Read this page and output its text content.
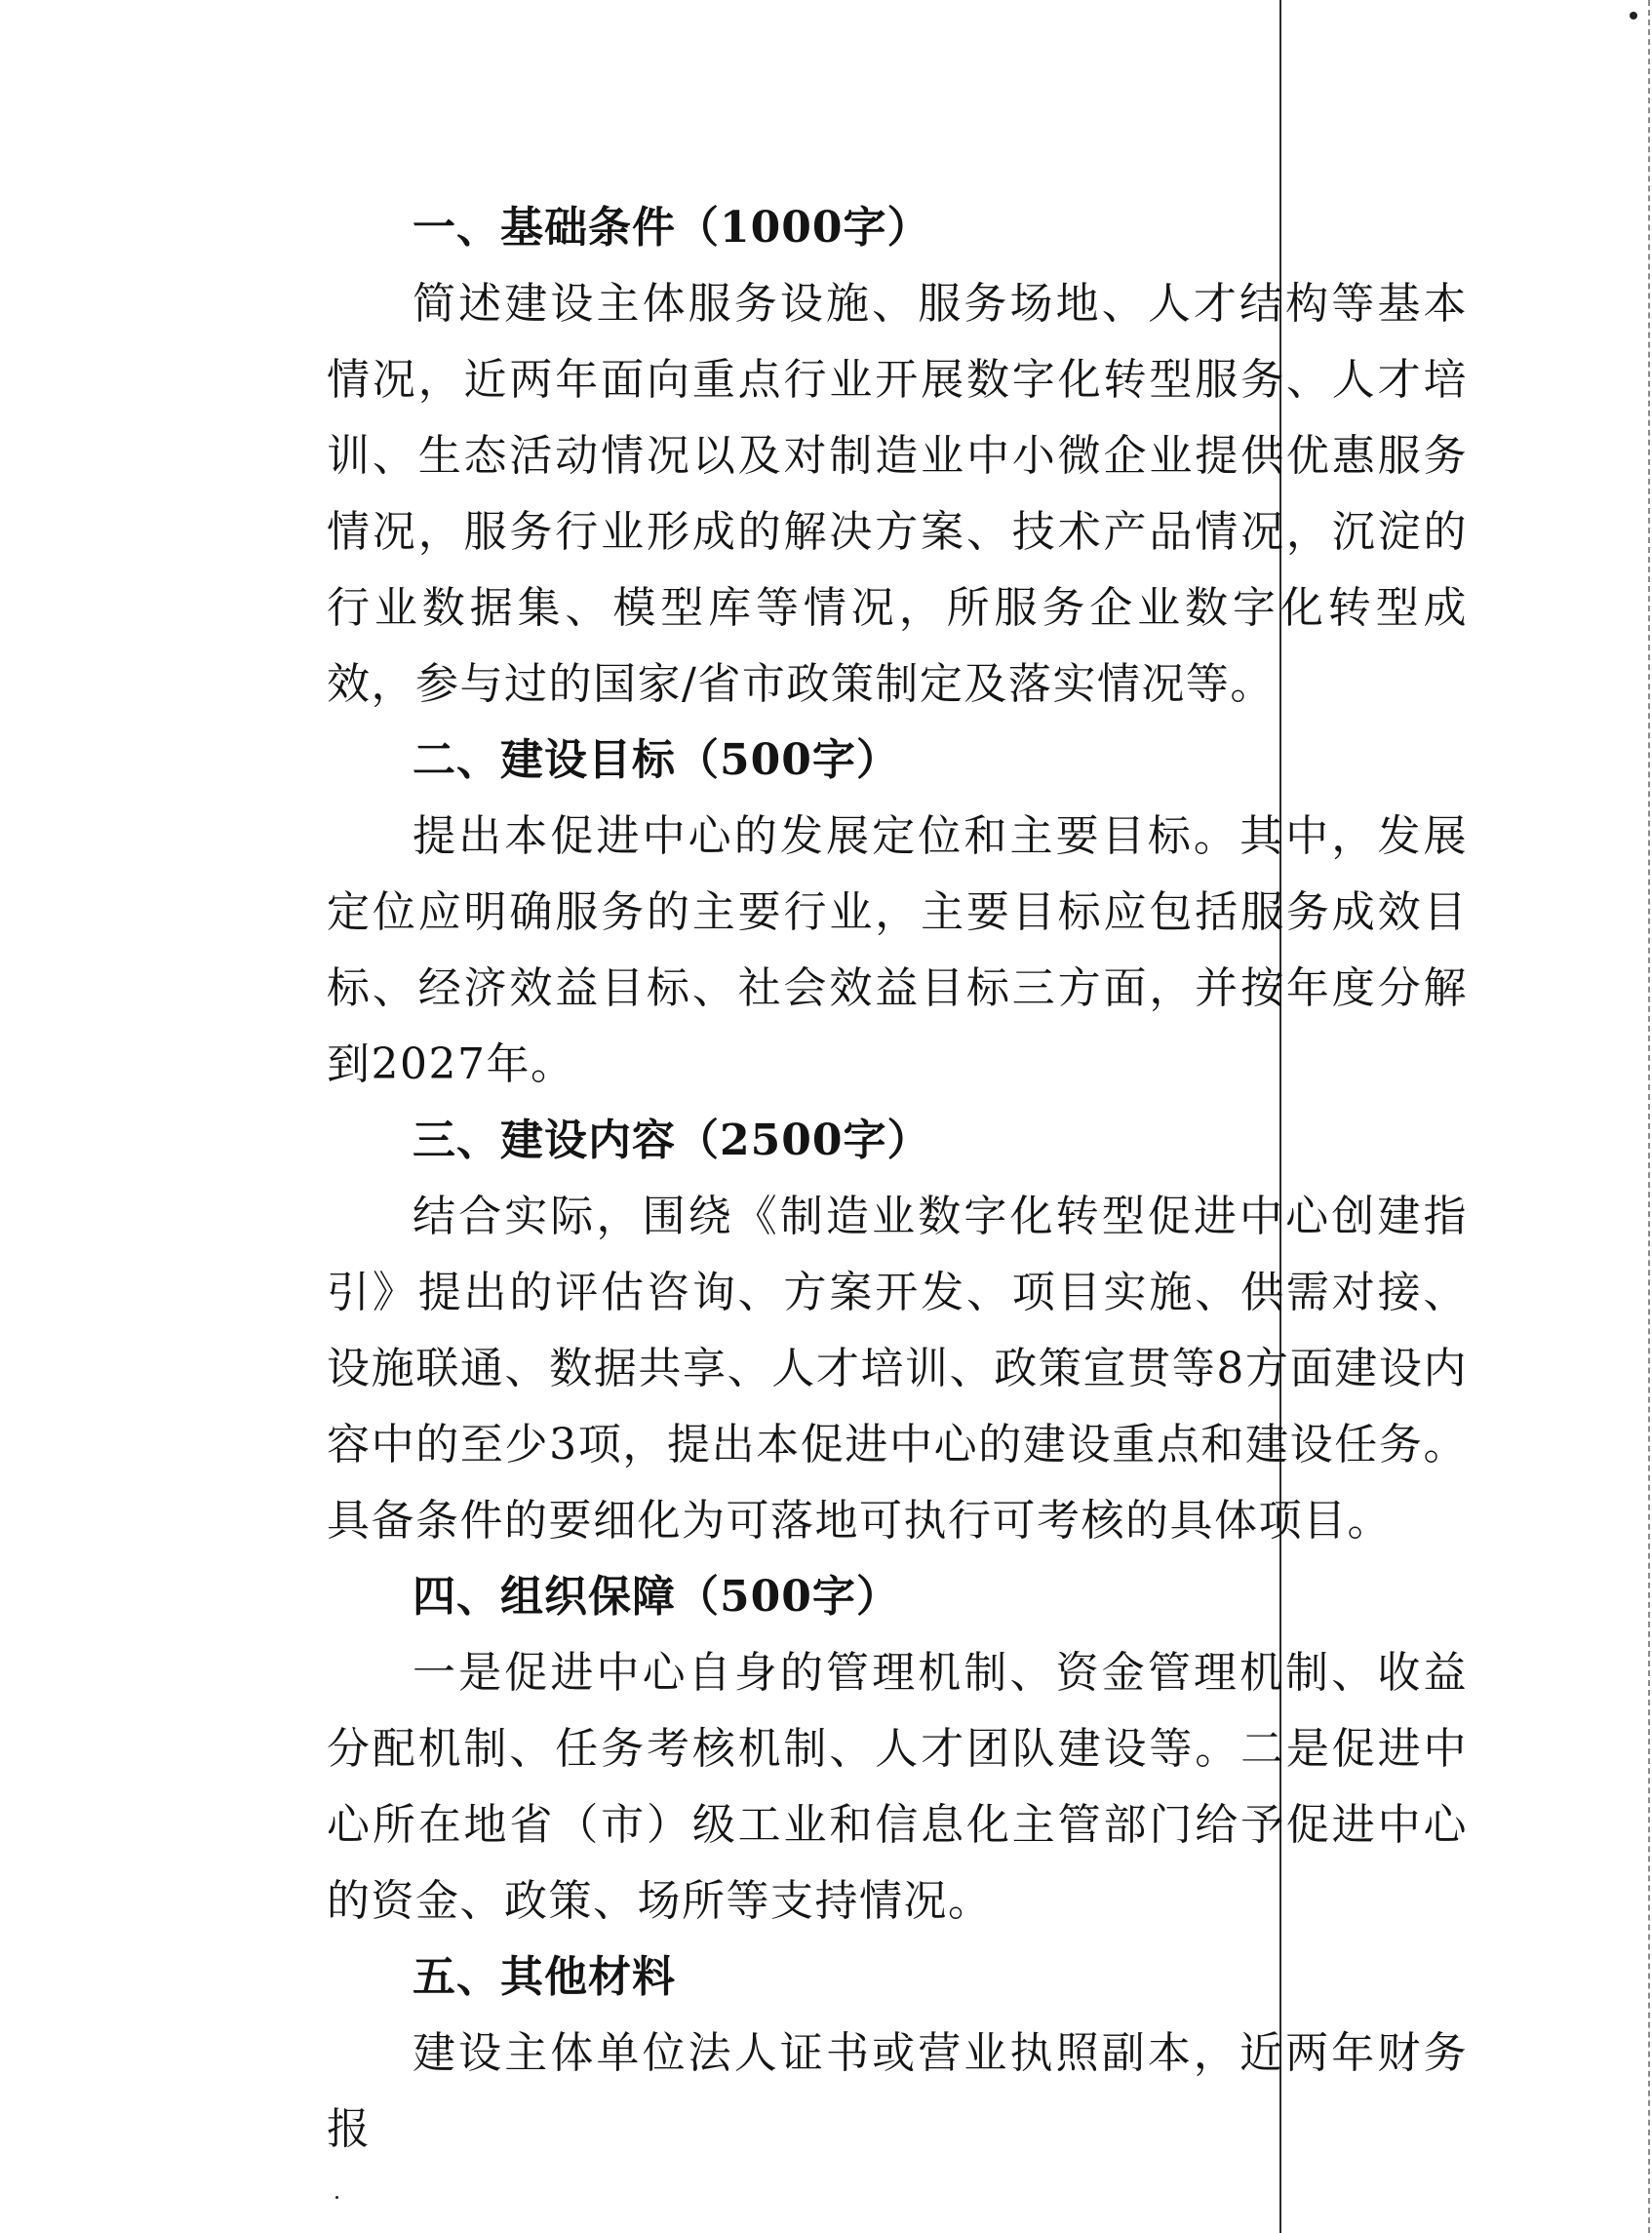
一、基础条件（1000字）

简述建设主体服务设施、服务场地、人才结构等基本情况，近两年面向重点行业开展数字化转型服务、人才培训、生态活动情况以及对制造业中小微企业提供优惠服务情况，服务行业形成的解决方案、技术产品情况，沉淀的行业数据集、模型库等情况，所服务企业数字化转型成效，参与过的国家/省市政策制定及落实情况等。

二、建设目标（500字）

提出本促进中心的发展定位和主要目标。其中，发展定位应明确服务的主要行业，主要目标应包括服务成效目标、经济效益目标、社会效益目标三方面，并按年度分解到2027年。

三、建设内容（2500字）

结合实际，围绕《制造业数字化转型促进中心创建指引》提出的评估咨询、方案开发、项目实施、供需对接、设施联通、数据共享、人才培训、政策宣贯等8方面建设内容中的至少3项，提出本促进中心的建设重点和建设任务。具备条件的要细化为可落地可执行可考核的具体项目。

四、组织保障（500字）

一是促进中心自身的管理机制、资金管理机制、收益分配机制、任务考核机制、人才团队建设等。二是促进中心所在地省（市）级工业和信息化主管部门给予促进中心的资金、政策、场所等支持情况。

五、其他材料

建设主体单位法人证书或营业执照副本，近两年财务报
